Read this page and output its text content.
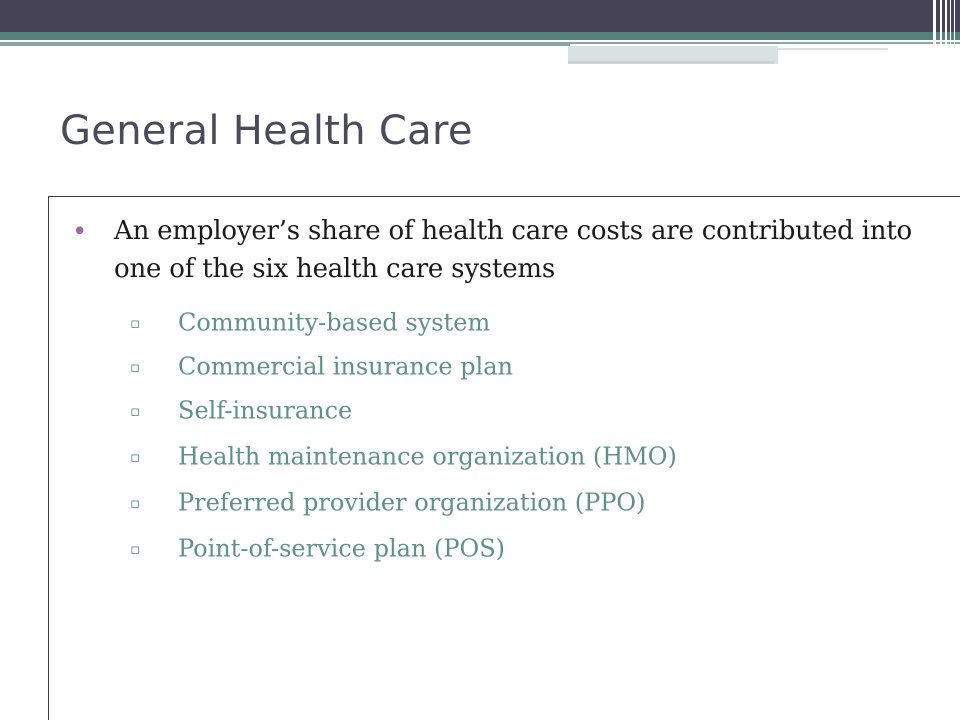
General Health Care
• An employer’s share of health care costs are contributed into one of the six health care systems
▫ Community-based system
▫ Commercial insurance plan
▫ Self-insurance
▫ Health maintenance organization (HMO)
▫ Preferred provider organization (PPO)
▫ Point-of-service plan (POS)
